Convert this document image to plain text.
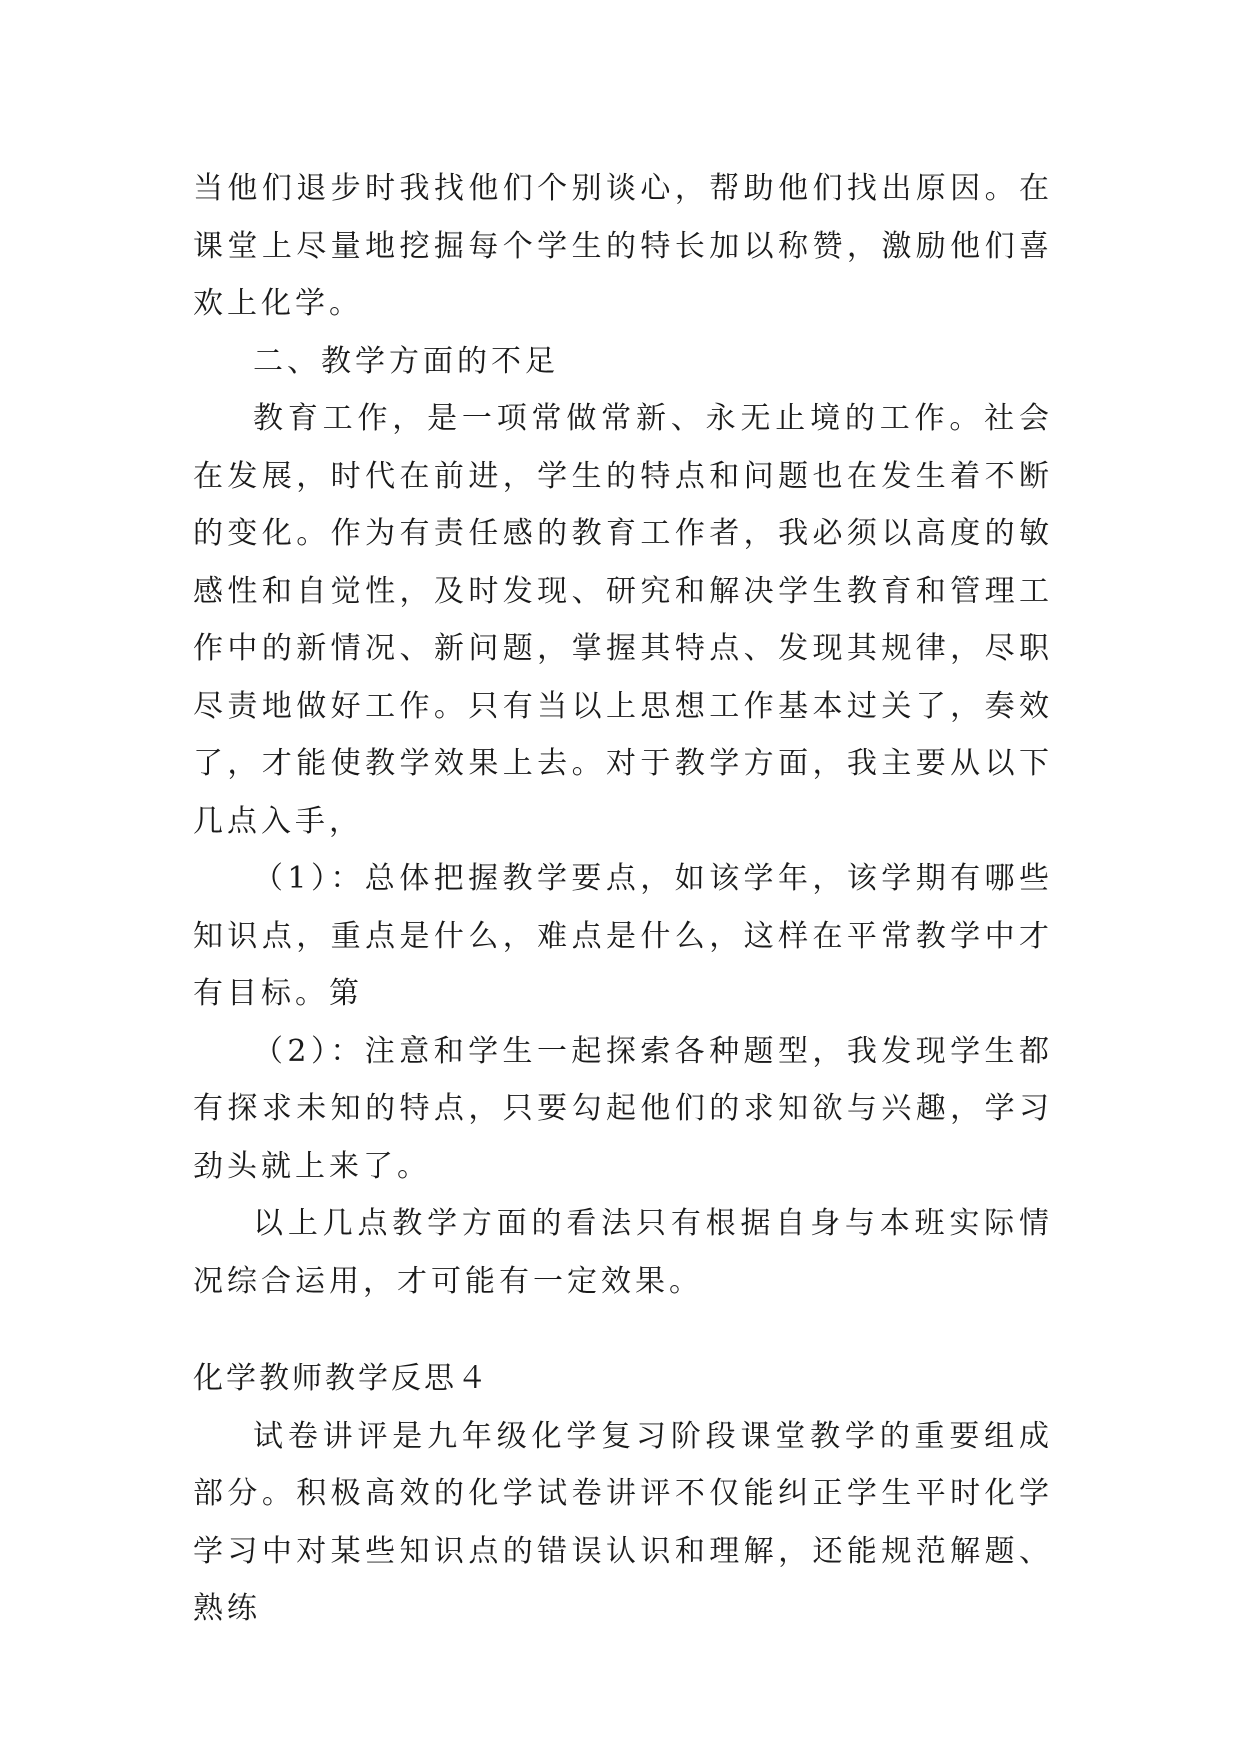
当他们退步时我找他们个别谈心，帮助他们找出原因。在课堂上尽量地挖掘每个学生的特长加以称赞，激励他们喜欢上化学。

二、教学方面的不足

教育工作，是一项常做常新、永无止境的工作。社会在发展，时代在前进，学生的特点和问题也在发生着不断的变化。作为有责任感的教育工作者，我必须以高度的敏感性和自觉性，及时发现、研究和解决学生教育和管理工作中的新情况、新问题，掌握其特点、发现其规律，尽职尽责地做好工作。只有当以上思想工作基本过关了，奏效了，才能使教学效果上去。对于教学方面，我主要从以下几点入手，

（1）：总体把握教学要点，如该学年，该学期有哪些知识点，重点是什么，难点是什么，这样在平常教学中才有目标。第

（2）：注意和学生一起探索各种题型，我发现学生都有探求未知的特点，只要勾起他们的求知欲与兴趣，学习劲头就上来了。

以上几点教学方面的看法只有根据自身与本班实际情况综合运用，才可能有一定效果。

化学教师教学反思４

试卷讲评是九年级化学复习阶段课堂教学的重要组成部分。积极高效的化学试卷讲评不仅能纠正学生平时化学学习中对某些知识点的错误认识和理解，还能规范解题、熟练
